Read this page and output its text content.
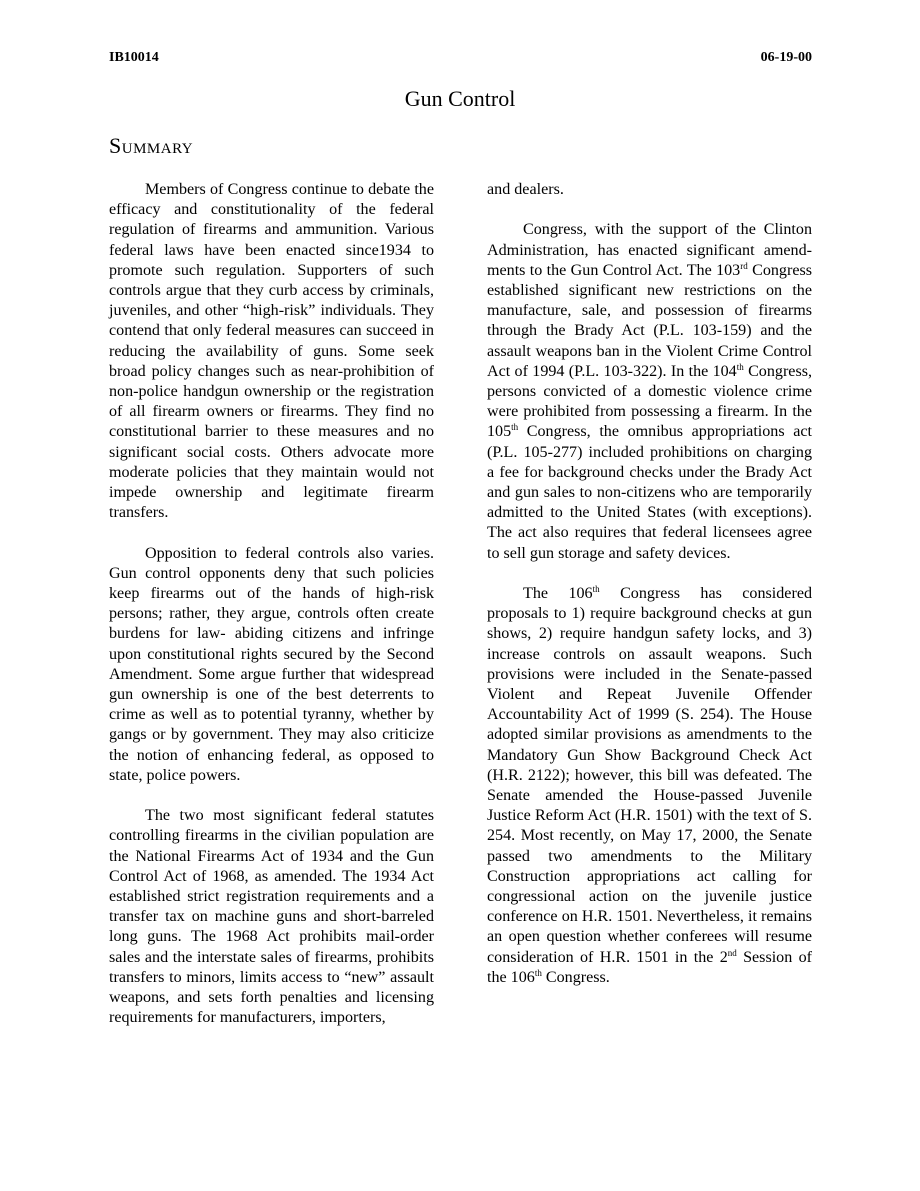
IB10014	06-19-00
Gun Control
Summary

Members of Congress continue to debate the efficacy and constitutionality of the federal regulation of firearms and ammunition. Various federal laws have been enacted since1934 to promote such regulation. Supporters of such controls argue that they curb access by criminals, juveniles, and other “high-risk” individuals. They contend that only federal measures can succeed in reducing the availability of guns. Some seek broad policy changes such as near-prohibition of non-police handgun ownership or the registration of all firearm owners or firearms. They find no constitutional barrier to these measures and no significant social costs. Others advocate more moderate policies that they maintain would not impede ownership and legitimate firearm transfers.

Opposition to federal controls also varies. Gun control opponents deny that such policies keep firearms out of the hands of high-risk persons; rather, they argue, controls often create burdens for law- abiding citizens and infringe upon constitutional rights secured by the Second Amendment. Some argue further that widespread gun ownership is one of the best deterrents to crime as well as to potential tyranny, whether by gangs or by government. They may also criticize the notion of enhancing federal, as opposed to state, police powers.

The two most significant federal statutes controlling firearms in the civilian population are the National Firearms Act of 1934 and the Gun Control Act of 1968, as amended. The 1934 Act established strict registration requirements and a transfer tax on machine guns and short-barreled long guns. The 1968 Act prohibits mail-order sales and the interstate sales of firearms, prohibits transfers to minors, limits access to “new” assault weapons, and sets forth penalties and licensing requirements for manufacturers, importers,

and dealers.

Congress, with the support of the Clinton Administration, has enacted significant amendments to the Gun Control Act. The 103rd Congress established significant new restrictions on the manufacture, sale, and possession of firearms through the Brady Act (P.L. 103-159) and the assault weapons ban in the Violent Crime Control Act of 1994 (P.L. 103-322). In the 104th Congress, persons convicted of a domestic violence crime were prohibited from possessing a firearm. In the 105th Congress, the omnibus appropriations act (P.L. 105-277) included prohibitions on charging a fee for background checks under the Brady Act and gun sales to non-citizens who are temporarily admitted to the United States (with exceptions). The act also requires that federal licensees agree to sell gun storage and safety devices.

The 106th Congress has considered proposals to 1) require background checks at gun shows, 2) require handgun safety locks, and 3) increase controls on assault weapons. Such provisions were included in the Senate-passed Violent and Repeat Juvenile Offender Accountability Act of 1999 (S. 254). The House adopted similar provisions as amendments to the Mandatory Gun Show Background Check Act (H.R. 2122); however, this bill was defeated. The Senate amended the House-passed Juvenile Justice Reform Act (H.R. 1501) with the text of S. 254. Most recently, on May 17, 2000, the Senate passed two amendments to the Military Construction appropriations act calling for congressional action on the juvenile justice conference on H.R. 1501. Nevertheless, it remains an open question whether conferees will resume consideration of H.R. 1501 in the 2nd Session of the 106th Congress.
